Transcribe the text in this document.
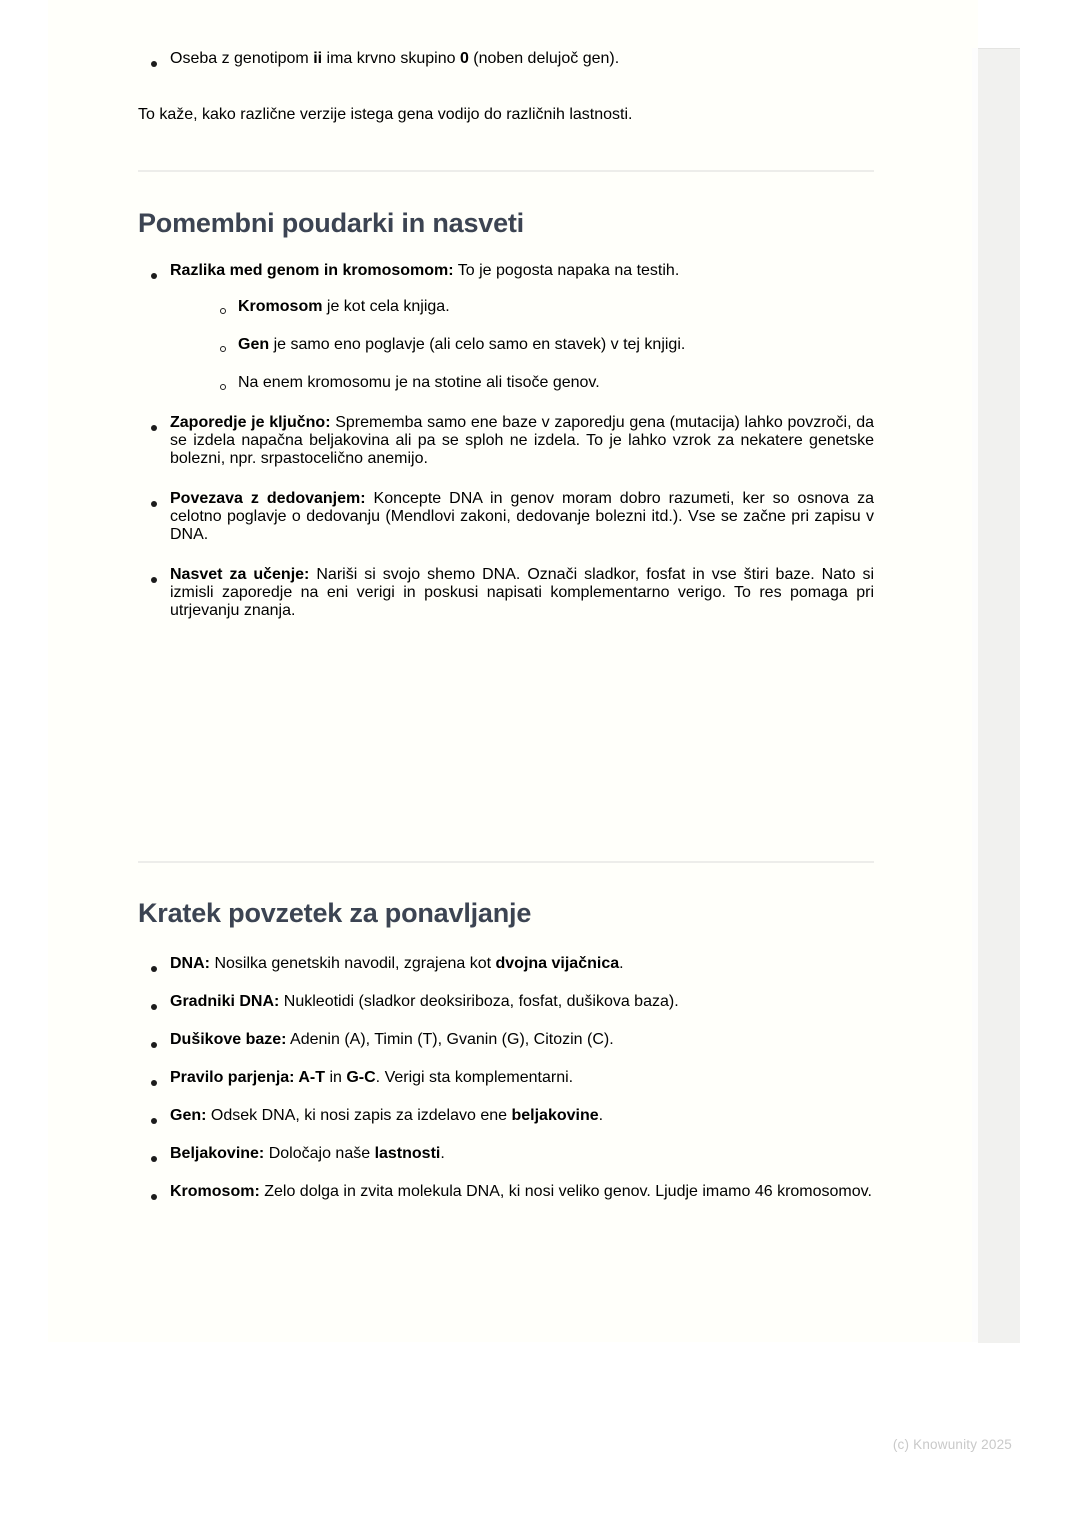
Oseba z genotipom ii ima krvno skupino 0 (noben delujoč gen).

To kaže, kako različne verzije istega gena vodijo do različnih lastnosti.

Pomembni poudarki in nasveti
Razlika med genom in kromosomom: To je pogosta napaka na testih.
Kromosom je kot cela knjiga.
Gen je samo eno poglavje (ali celo samo en stavek) v tej knjigi.
Na enem kromosomu je na stotine ali tisoče genov.
Zaporedje je ključno: Sprememba samo ene baze v zaporedju gena (mutacija) lahko povzroči, da se izdela napačna beljakovina ali pa se sploh ne izdela. To je lahko vzrok za nekatere genetske bolezni, npr. srpastocelično anemijo.
Povezava z dedovanjem: Koncepte DNA in genov moram dobro razumeti, ker so osnova za celotno poglavje o dedovanju (Mendlovi zakoni, dedovanje bolezni itd.). Vse se začne pri zapisu v DNA.
Nasvet za učenje: Nariši si svojo shemo DNA. Označi sladkor, fosfat in vse štiri baze. Nato si izmisli zaporedje na eni verigi in poskusi napisati komplementarno verigo. To res pomaga pri utrjevanju znanja.
Kratek povzetek za ponavljanje
DNA: Nosilka genetskih navodil, zgrajena kot dvojna vijačnica.
Gradniki DNA: Nukleotidi (sladkor deoksiriboza, fosfat, dušikova baza).
Dušikove baze: Adenin (A), Timin (T), Gvanin (G), Citozin (C).
Pravilo parjenja: A-T in G-C. Verigi sta komplementarni.
Gen: Odsek DNA, ki nosi zapis za izdelavo ene beljakovine.
Beljakovine: Določajo naše lastnosti.
Kromosom: Zelo dolga in zvita molekula DNA, ki nosi veliko genov. Ljudje imamo 46 kromosomov.
(c) Knowunity 2025
